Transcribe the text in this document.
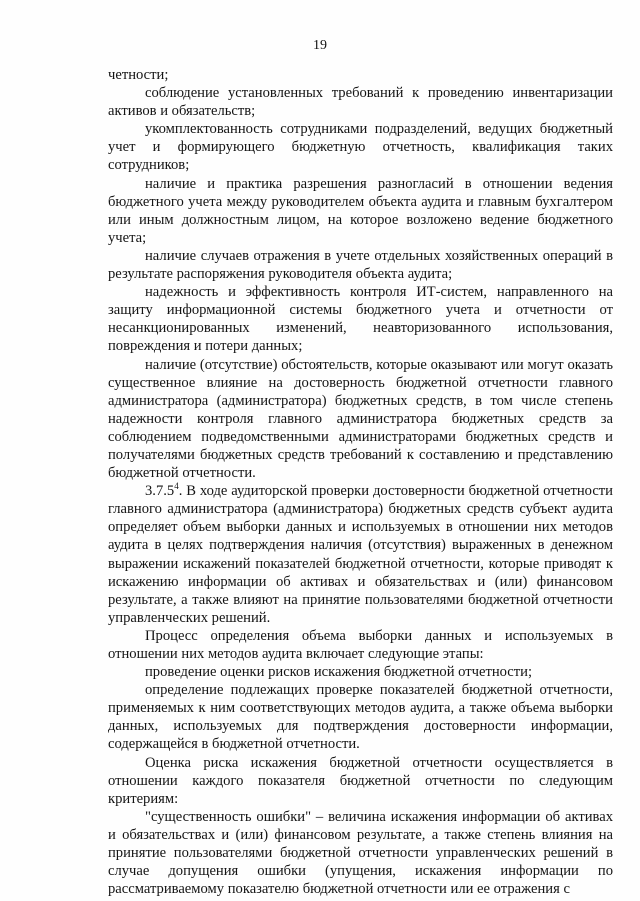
19

четности;

соблюдение установленных требований к проведению инвентаризации активов и обязательств;

укомплектованность сотрудниками подразделений, ведущих бюджетный учет и формирующего бюджетную отчетность, квалификация таких сотрудников;

наличие и практика разрешения разногласий в отношении ведения бюджетного учета между руководителем объекта аудита и главным бухгалтером или иным должностным лицом, на которое возложено ведение бюджетного учета;

наличие случаев отражения в учете отдельных хозяйственных операций в результате распоряжения руководителя объекта аудита;

надежность и эффективность контроля ИТ-систем, направленного на защиту информационной системы бюджетного учета и отчетности от несанкционированных изменений, неавторизованного использования, повреждения и потери данных;

наличие (отсутствие) обстоятельств, которые оказывают или могут оказать существенное влияние на достоверность бюджетной отчетности главного администратора (администратора) бюджетных средств, в том числе степень надежности контроля главного администратора бюджетных средств за соблюдением подведомственными администраторами бюджетных средств и получателями бюджетных средств требований к составлению и представлению бюджетной отчетности.

3.7.5$^4$. В ходе аудиторской проверки достоверности бюджетной отчетности главного администратора (администратора) бюджетных средств субъект аудита определяет объем выборки данных и используемых в отношении них методов аудита в целях подтверждения наличия (отсутствия) выраженных в денежном выражении искажений показателей бюджетной отчетности, которые приводят к искажению информации об активах и обязательствах и (или) финансовом результате, а также влияют на принятие пользователями бюджетной отчетности управленческих решений.

Процесс определения объема выборки данных и используемых в отношении них методов аудита включает следующие этапы:

проведение оценки рисков искажения бюджетной отчетности;

определение подлежащих проверке показателей бюджетной отчетности, применяемых к ним соответствующих методов аудита, а также объема выборки данных, используемых для подтверждения достоверности информации, содержащейся в бюджетной отчетности.

Оценка риска искажения бюджетной отчетности осуществляется в отношении каждого показателя бюджетной отчетности по следующим критериям:

"существенность ошибки" – величина искажения информации об активах и обязательствах и (или) финансовом результате, а также степень влияния на принятие пользователями бюджетной отчетности управленческих решений в случае допущения ошибки (упущения, искажения информации по рассматриваемому показателю бюджетной отчетности или ее отражения с
